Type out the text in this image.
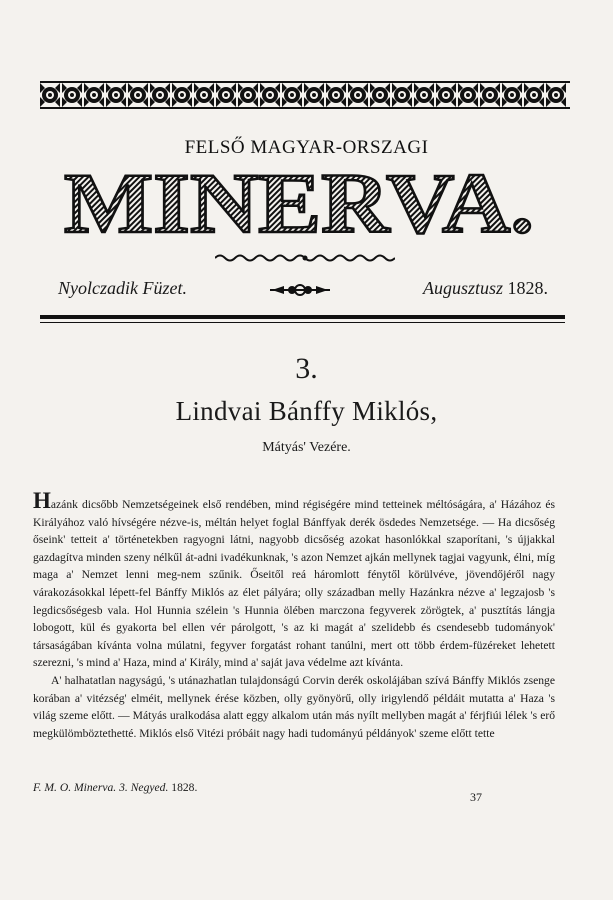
FELSŐ MAGYAR-ORSZAGI
MINERVA.
Nyolczadik Füzet.	Augusztusz 1828.
3.
Lindvai Bánffy Miklós,
Mátyás' Vezére.

Hazánk dicsőbb Nemzetségeinek első rendében, mind régiségére mind tetteinek méltóságára, a' Házához és Királyához való hívségére nézve-is, méltán helyet foglal Bánffyak derék ösdedes Nemzetsége. — Ha dicsőség őseink' tetteit a' történetekben ragyogni látni, nagyobb dicsőség azokat hasonlókkal szaporítani, 's újjakkal gazdagítva minden szeny nélkűl át-adni ivadékunknak, 's azon Nemzet ajkán mellynek tagjai vagyunk, élni, míg maga a' Nemzet lenni meg-nem szűnik. Őseitől reá háromlott fénytől körülvéve, jövendőjéről nagy várakozásokkal lépett-fel Bánffy Miklós az élet pályára; olly században melly Hazánkra nézve a' legzajosb 's legdicsőségesb vala. Hol Hunnia szélein 's Hunnia ölében marczona fegyverek zörögtek, a' pusztítás lángja lobogott, kül és gyakorta bel ellen vér párolgott, 's az ki magát a' szelidebb és csendesebb tudományok' társaságában kívánta volna múlatni, fegyver forgatást rohant tanúlni, mert ott több érdem-füzéreket lehetett szerezni, 's mind a' Haza, mind a' Király, mind a' saját java védelme azt kívánta.

A' halhatatlan nagyságú, 's utánazhatlan tulajdonságú Corvin derék oskolájában szívá Bánffy Miklós zsenge korában a' vitézség' elméit, mellynek érése közben, olly gyönyörű, olly irigylendő példáit mutatta a' Haza 's világ szeme előtt. — Mátyás uralkodása alatt eggy alkalom után más nyílt mellyben magát a' férjfiúi lélek 's erő megkülömböztethetté. Miklós első Vitézi próbáit nagy hadi tudományú példányok' szeme előtt tette

F. M. O. Minerva. 3. Negyed. 1828.
37
